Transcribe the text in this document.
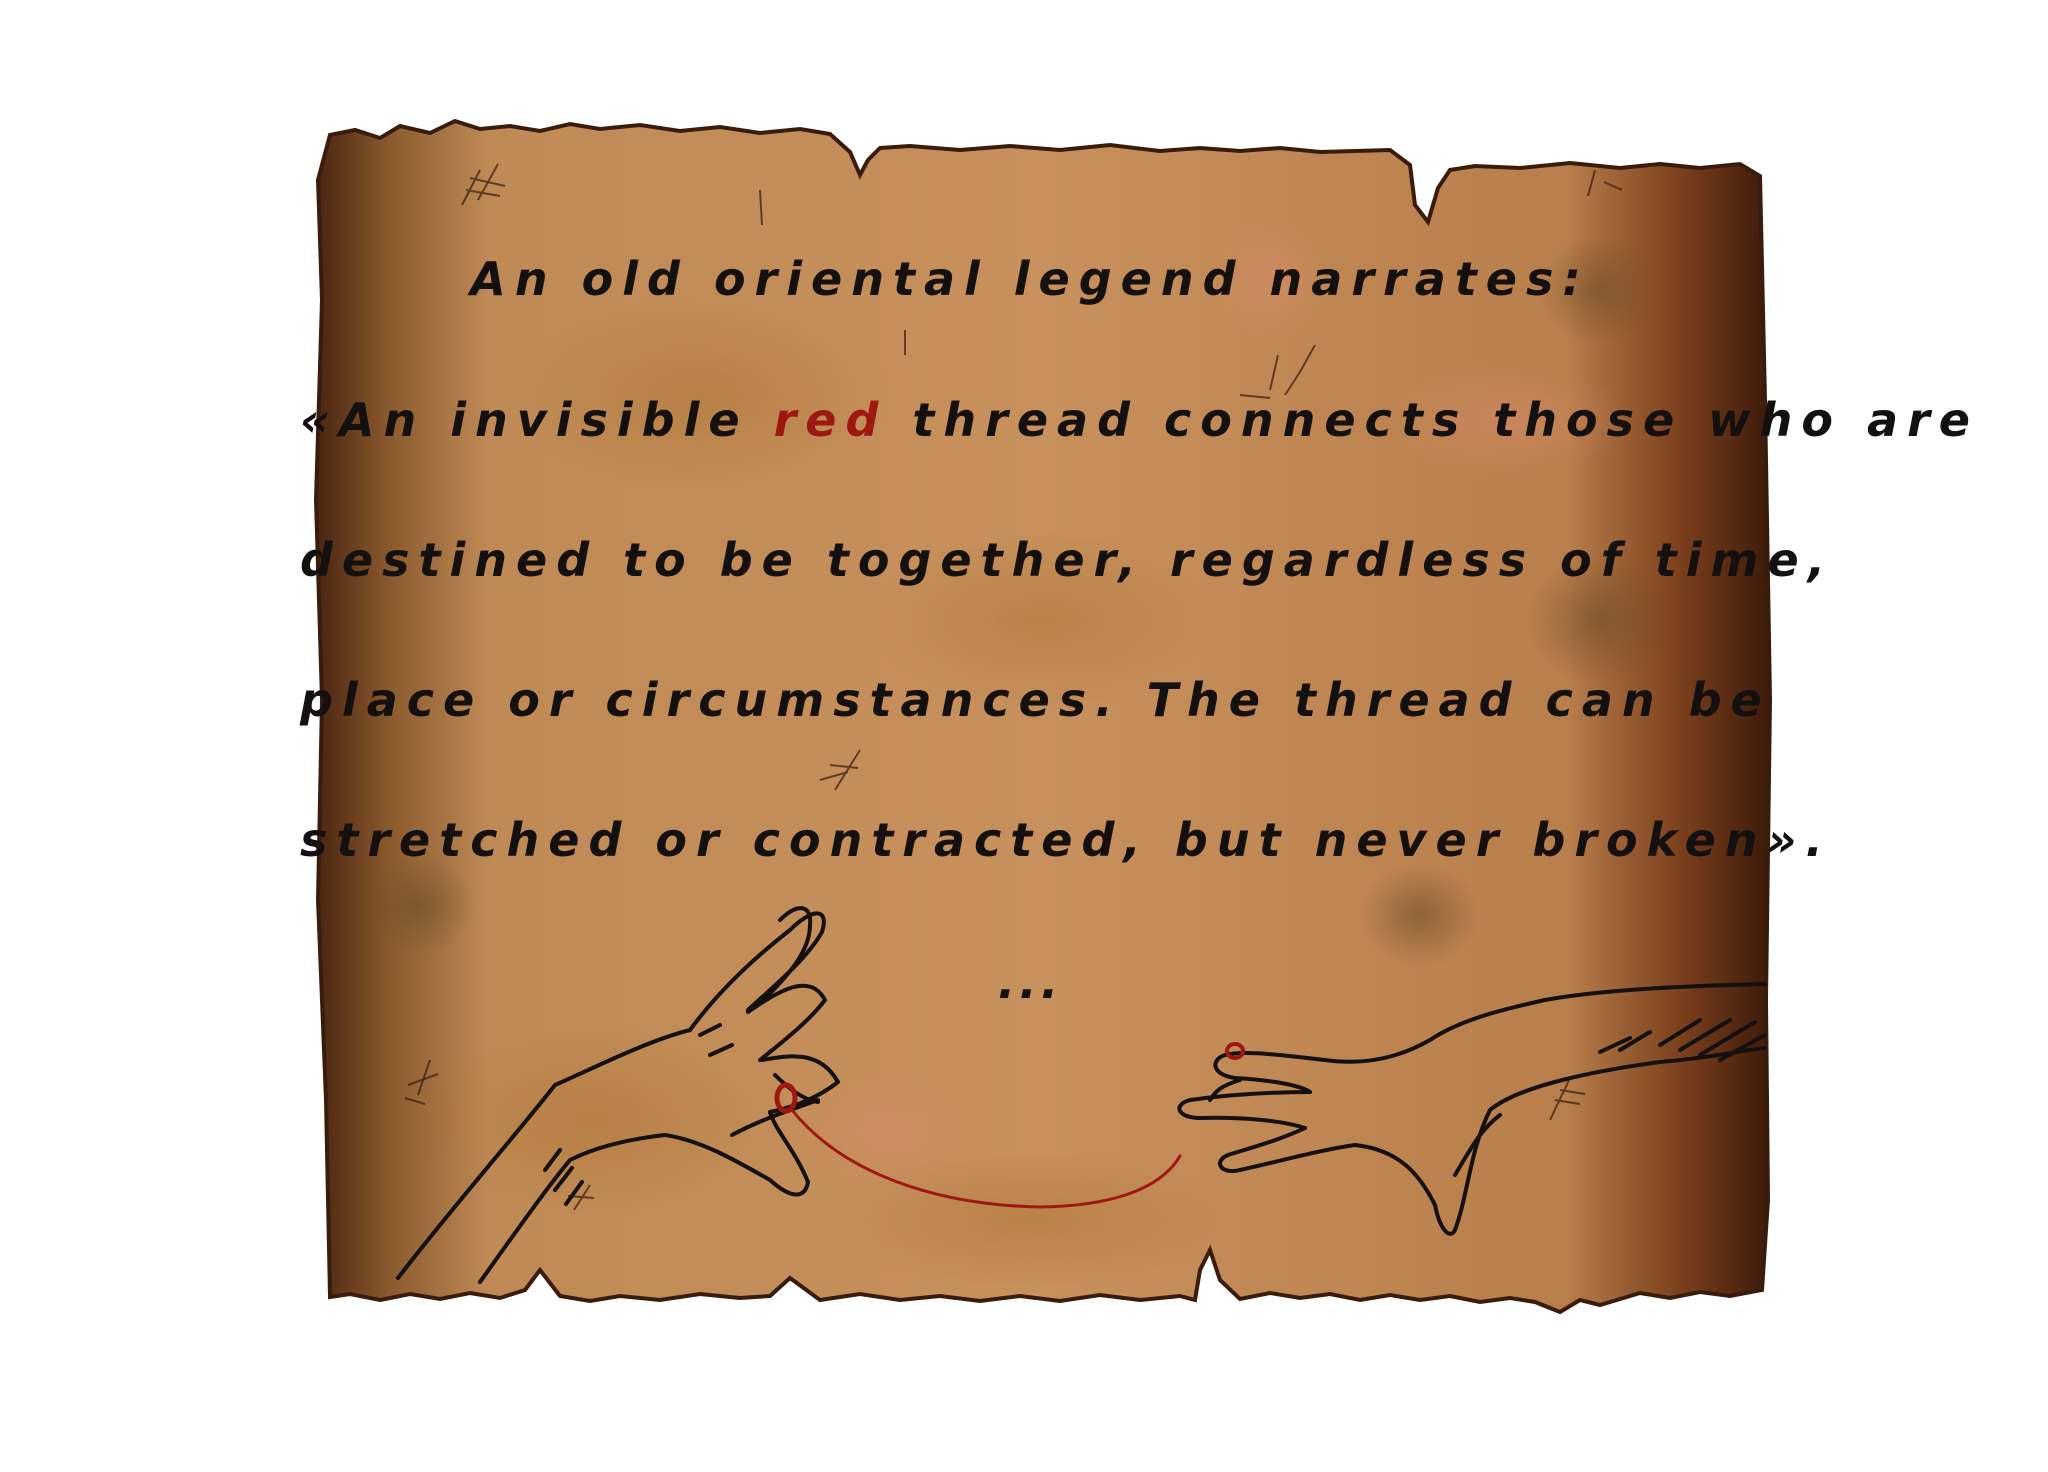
An old oriental legend narrates:
«An invisible red thread connects those who are
destined to be together, regardless of time,
place or circumstances. The thread can be
stretched or contracted, but never broken».
...
